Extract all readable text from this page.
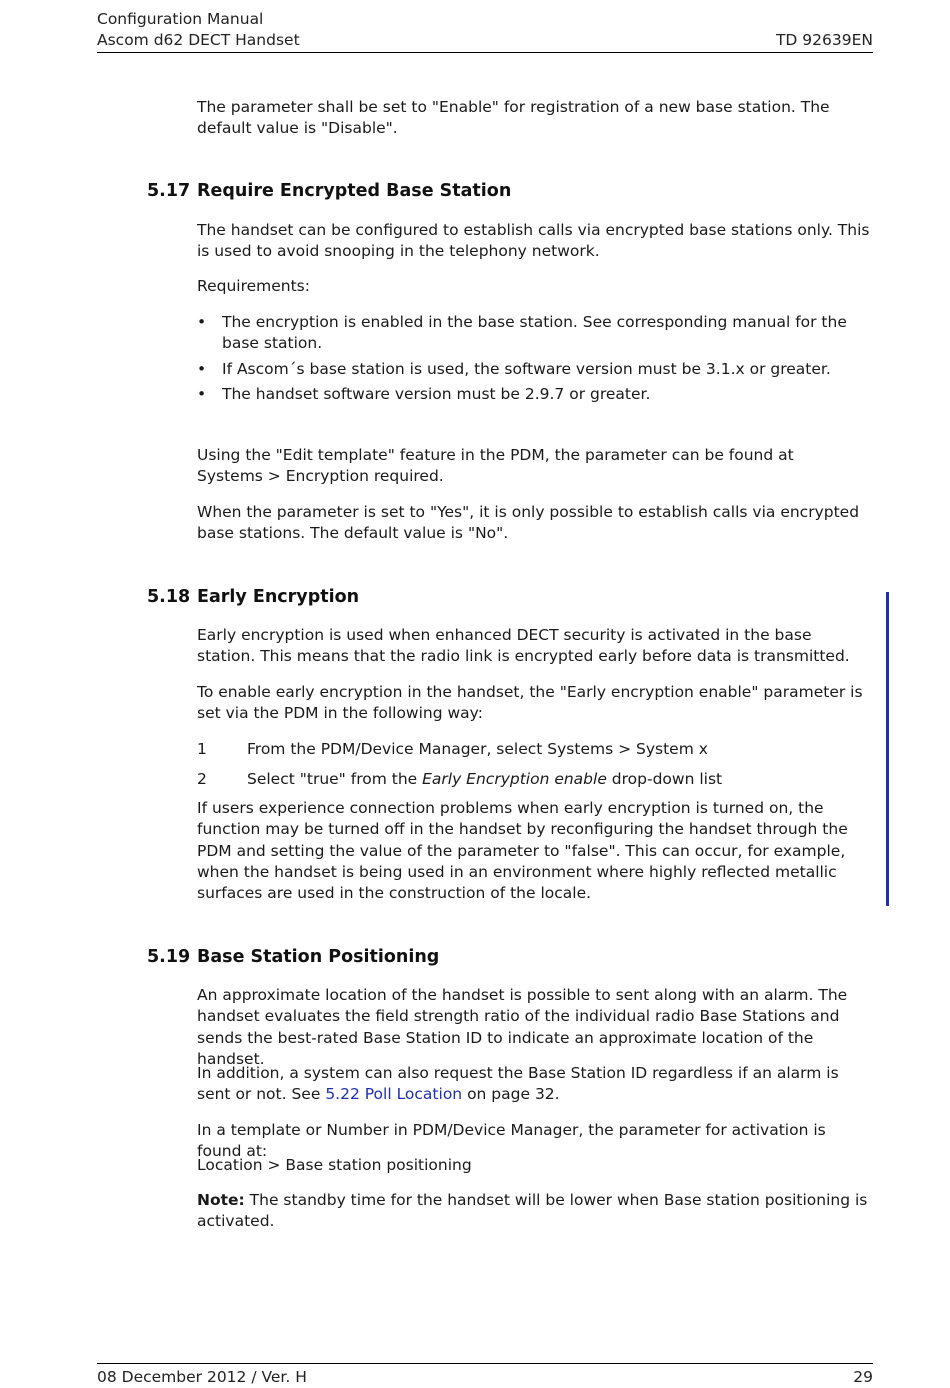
Configuration Manual
Ascom d62 DECT Handset	TD 92639EN
The parameter shall be set to "Enable" for registration of a new base station. The default value is "Disable".
5.17 Require Encrypted Base Station
The handset can be configured to establish calls via encrypted base stations only. This is used to avoid snooping in the telephony network.
Requirements:
• The encryption is enabled in the base station. See corresponding manual for the base station.
• If Ascom´s base station is used, the software version must be 3.1.x or greater.
• The handset software version must be 2.9.7 or greater.
Using the "Edit template" feature in the PDM, the parameter can be found at
Systems > Encryption required.
When the parameter is set to "Yes", it is only possible to establish calls via encrypted base stations. The default value is "No".
5.18 Early Encryption
Early encryption is used when enhanced DECT security is activated in the base station. This means that the radio link is encrypted early before data is transmitted.
To enable early encryption in the handset, the "Early encryption enable" parameter is set via the PDM in the following way:
1	From the PDM/Device Manager, select Systems > System x
2	Select "true" from the Early Encryption enable drop-down list
If users experience connection problems when early encryption is turned on, the function may be turned off in the handset by reconfiguring the handset through the PDM and setting the value of the parameter to "false". This can occur, for example, when the handset is being used in an environment where highly reflected metallic surfaces are used in the construction of the locale.
5.19 Base Station Positioning
An approximate location of the handset is possible to sent along with an alarm. The handset evaluates the field strength ratio of the individual radio Base Stations and sends the best-rated Base Station ID to indicate an approximate location of the handset.
In addition, a system can also request the Base Station ID regardless if an alarm is sent or not. See 5.22 Poll Location on page 32.
In a template or Number in PDM/Device Manager, the parameter for activation is found at:
Location > Base station positioning
Note: The standby time for the handset will be lower when Base station positioning is activated.
08 December 2012 / Ver. H	29
